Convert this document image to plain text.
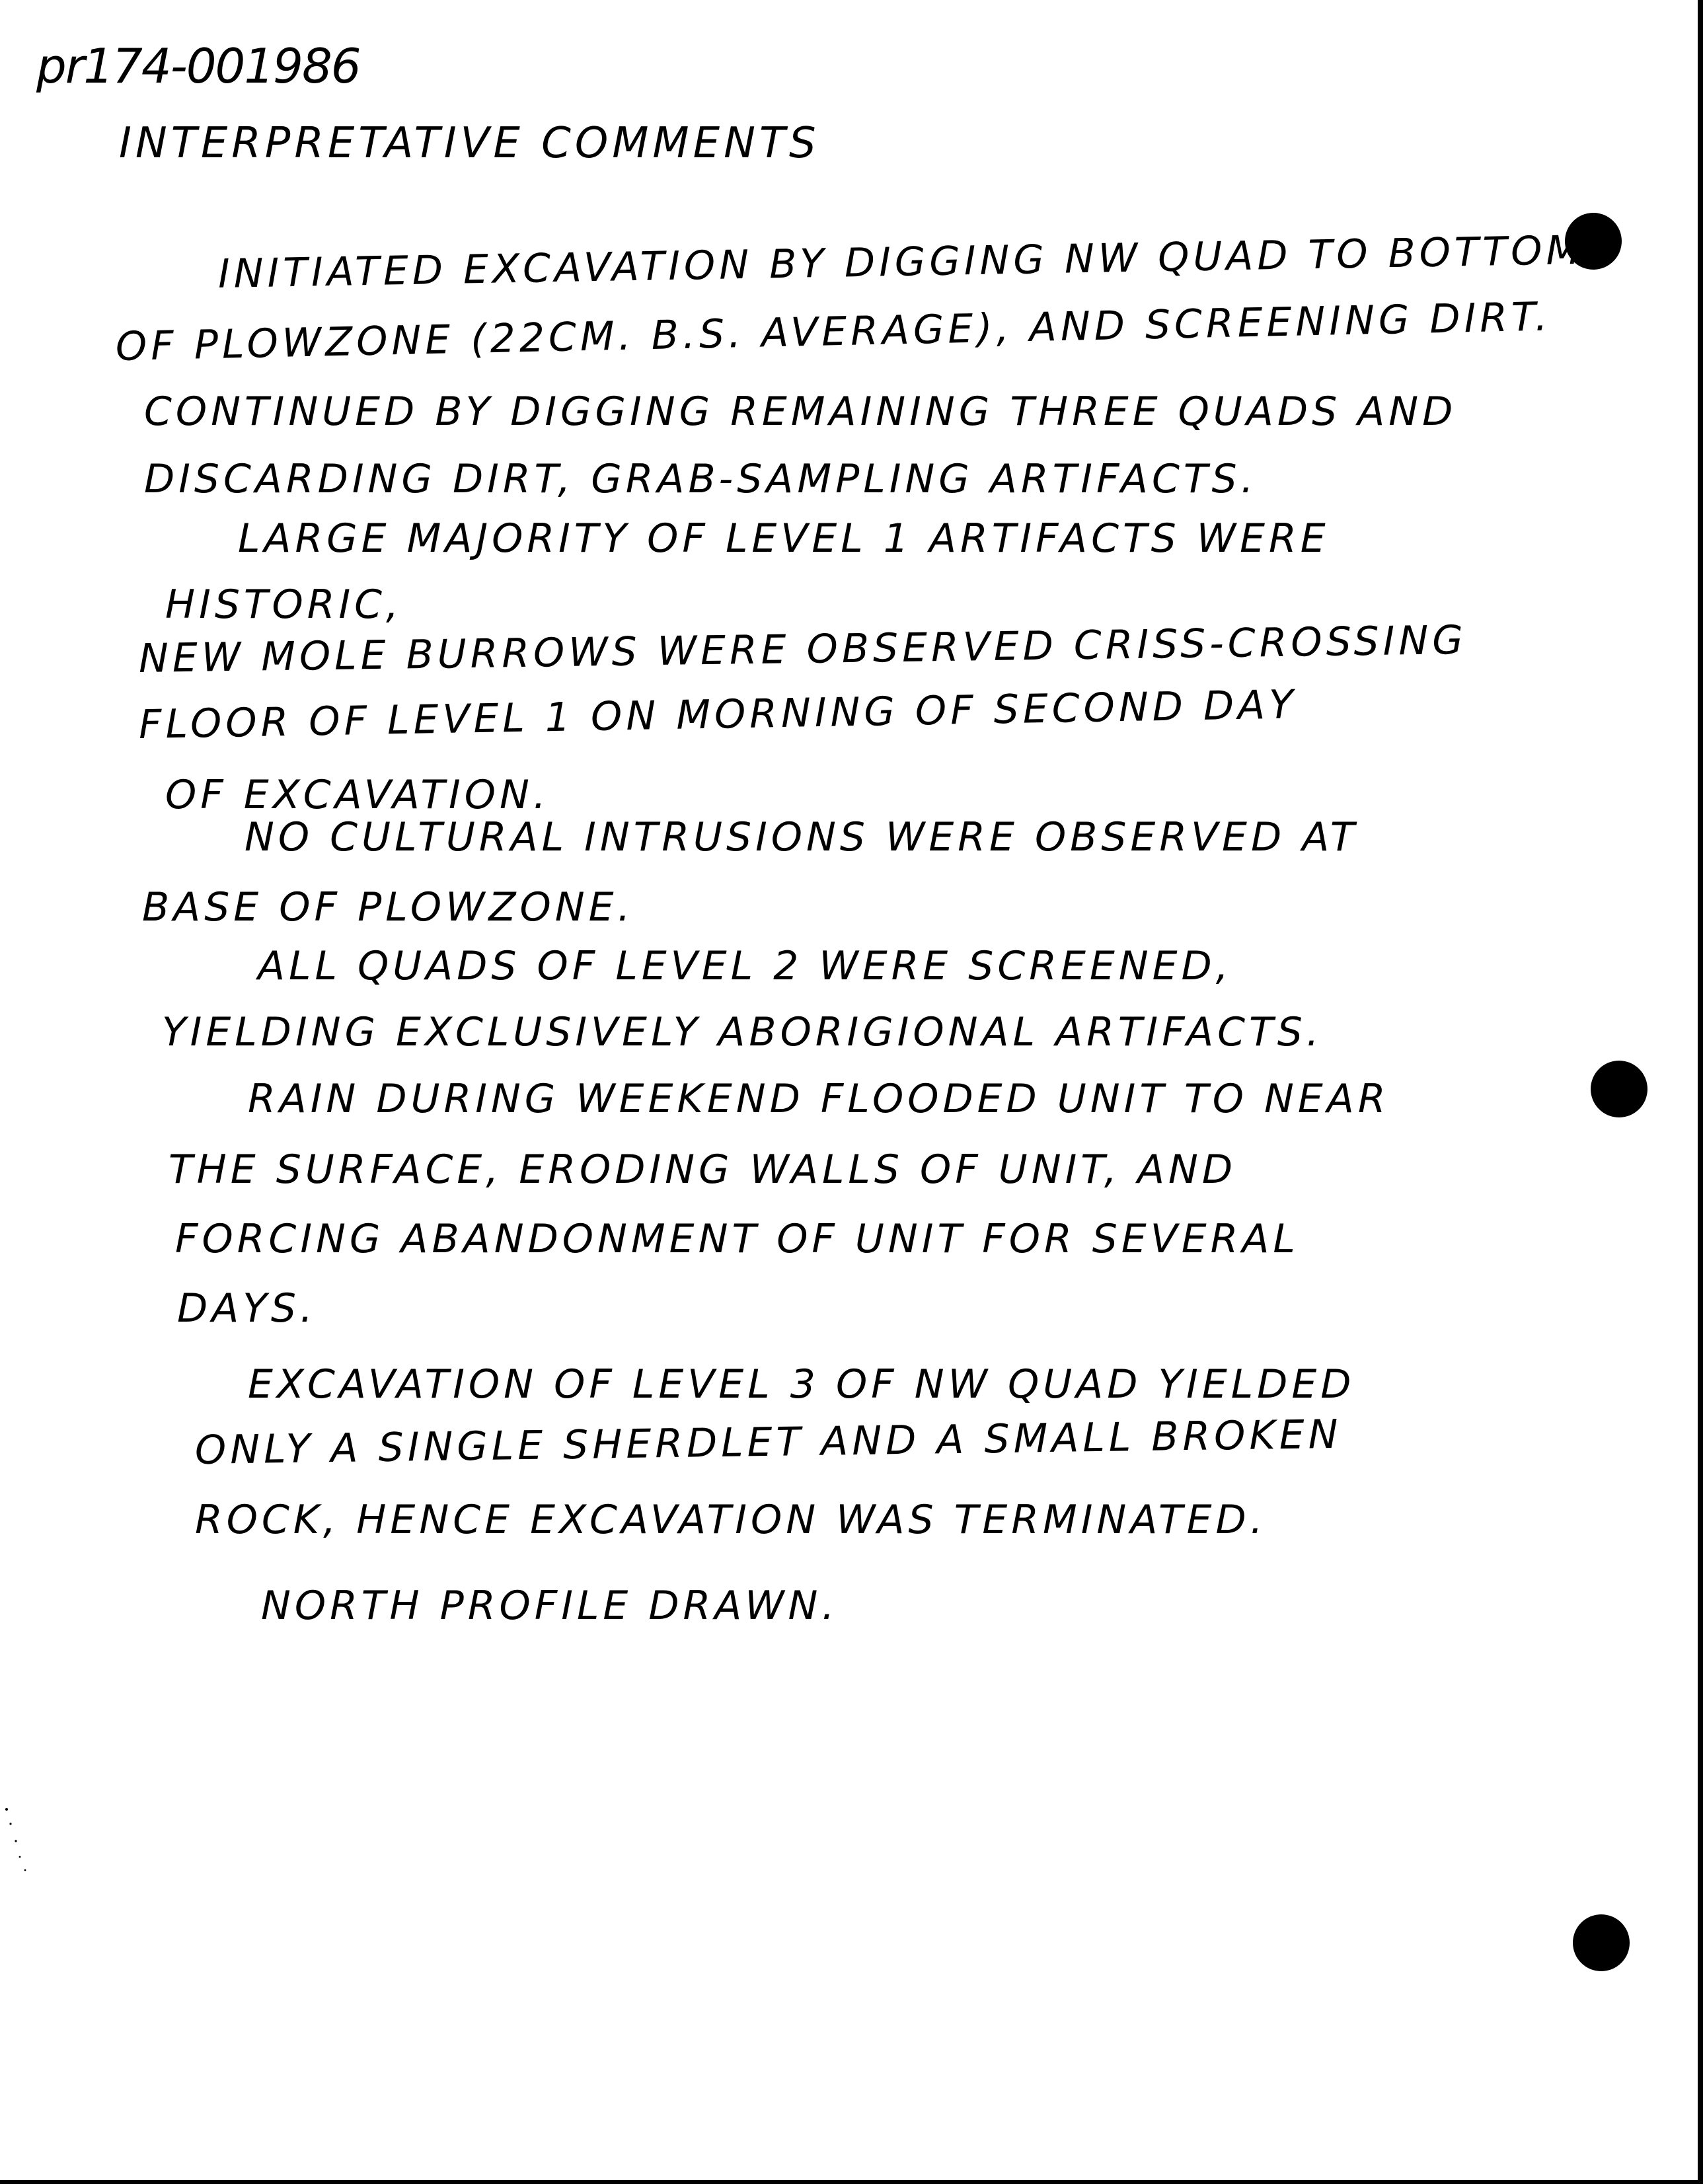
pr174-001986

INTERPRETATIVE COMMENTS

INITIATED EXCAVATION BY DIGGING NW QUAD TO BOTTOM

OF PLOWZONE (22CM. B.S. AVERAGE), AND SCREENING DIRT.

CONTINUED BY DIGGING REMAINING THREE QUADS AND

DISCARDING DIRT, GRAB-SAMPLING ARTIFACTS.

LARGE MAJORITY OF LEVEL 1 ARTIFACTS WERE

HISTORIC,

NEW MOLE BURROWS WERE OBSERVED CRISS-CROSSING

FLOOR OF LEVEL 1 ON MORNING OF SECOND DAY

OF EXCAVATION.

NO CULTURAL INTRUSIONS WERE OBSERVED AT

BASE OF PLOWZONE.

ALL QUADS OF LEVEL 2 WERE SCREENED,

YIELDING EXCLUSIVELY ABORIGIONAL ARTIFACTS.

RAIN DURING WEEKEND FLOODED UNIT TO NEAR

THE SURFACE, ERODING WALLS OF UNIT, AND

FORCING ABANDONMENT OF UNIT FOR SEVERAL

DAYS.

EXCAVATION OF LEVEL 3 OF NW QUAD YIELDED

ONLY A SINGLE SHERDLET AND A SMALL BROKEN

ROCK, HENCE EXCAVATION WAS TERMINATED.

NORTH PROFILE DRAWN.
